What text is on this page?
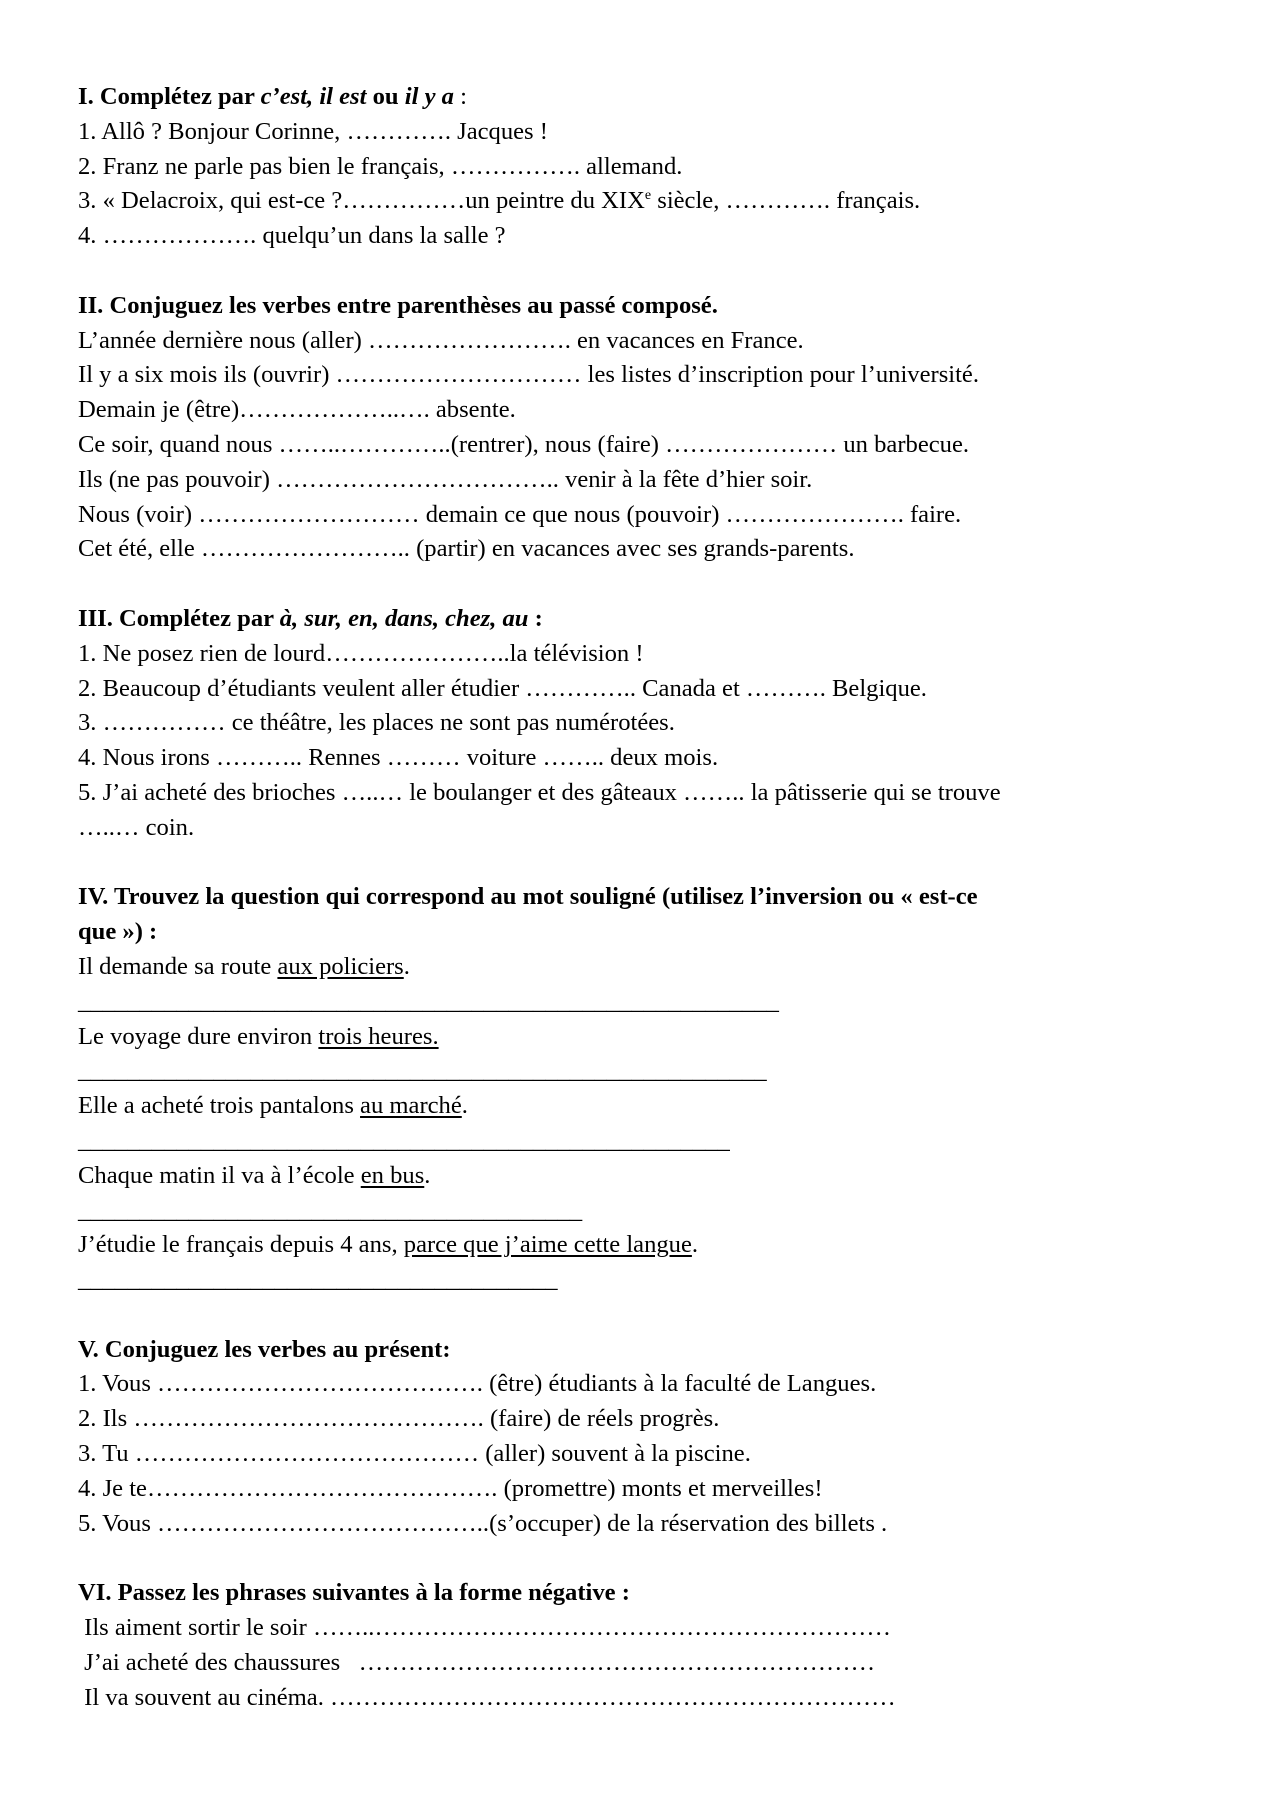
I. Complétez par c’est, il est ou il y a :

1. Allô ? Bonjour Corinne, …………. Jacques !

2. Franz ne parle pas bien le français, ……………. allemand.

3. « Delacroix, qui est-ce ?……………un peintre du XIXe siècle, …………. français.

4. ………………. quelqu’un dans la salle ?

II. Conjuguez les verbes entre parenthèses au passé composé.

L’année dernière nous (aller) ……………………. en vacances en France.

Il y a six mois ils (ouvrir) ………………………… les listes d’inscription pour l’université.

Demain je (être)………………..…. absente.

Ce soir, quand nous ……..…………..(rentrer), nous (faire) ………………… un barbecue.

Ils (ne pas pouvoir) …………………………….. venir à la fête d’hier soir.

Nous (voir) ……………………… demain ce que nous (pouvoir) …………………. faire.

Cet été, elle …………………….. (partir) en vacances avec ses grands-parents.

III. Complétez par à, sur, en, dans, chez, au :

1. Ne posez rien de lourd…………………..la télévision !

2. Beaucoup d’étudiants veulent aller étudier ………….. Canada et ………. Belgique.

3. …………… ce théâtre, les places ne sont pas numérotées.

4. Nous irons ……….. Rennes ……… voiture …….. deux mois.

5. J’ai acheté des brioches …..… le boulanger et des gâteaux …….. la pâtisserie qui se trouve

…..… coin.

IV. Trouvez la question qui correspond au mot souligné (utilisez l’inversion ou « est-ce

que ») :

Il demande sa route aux policiers.

_________________________________________________________

Le voyage dure environ trois heures.

________________________________________________________

Elle a acheté trois pantalons au marché.

_____________________________________________________

Chaque matin il va à l’école en bus.

_________________________________________

J’étudie le français depuis 4 ans, parce que j’aime cette langue.

_______________________________________

V. Conjuguez les verbes au présent:

1. Vous …………………………………. (être) étudiants à la faculté de Langues.

2. Ils ……………………………………. (faire) de réels progrès.

3. Tu …………………………………… (aller) souvent à la piscine.

4. Je te……………………………………. (promettre) monts et merveilles!

5. Vous …………………………………..(s’occuper) de la réservation des billets .

VI. Passez les phrases suivantes à la forme négative :

Ils aiment sortir le soir ……..………………………………………………………

J’ai acheté des chaussures   ………………………………………………………

Il va souvent au cinéma. ……………………………………………………………
